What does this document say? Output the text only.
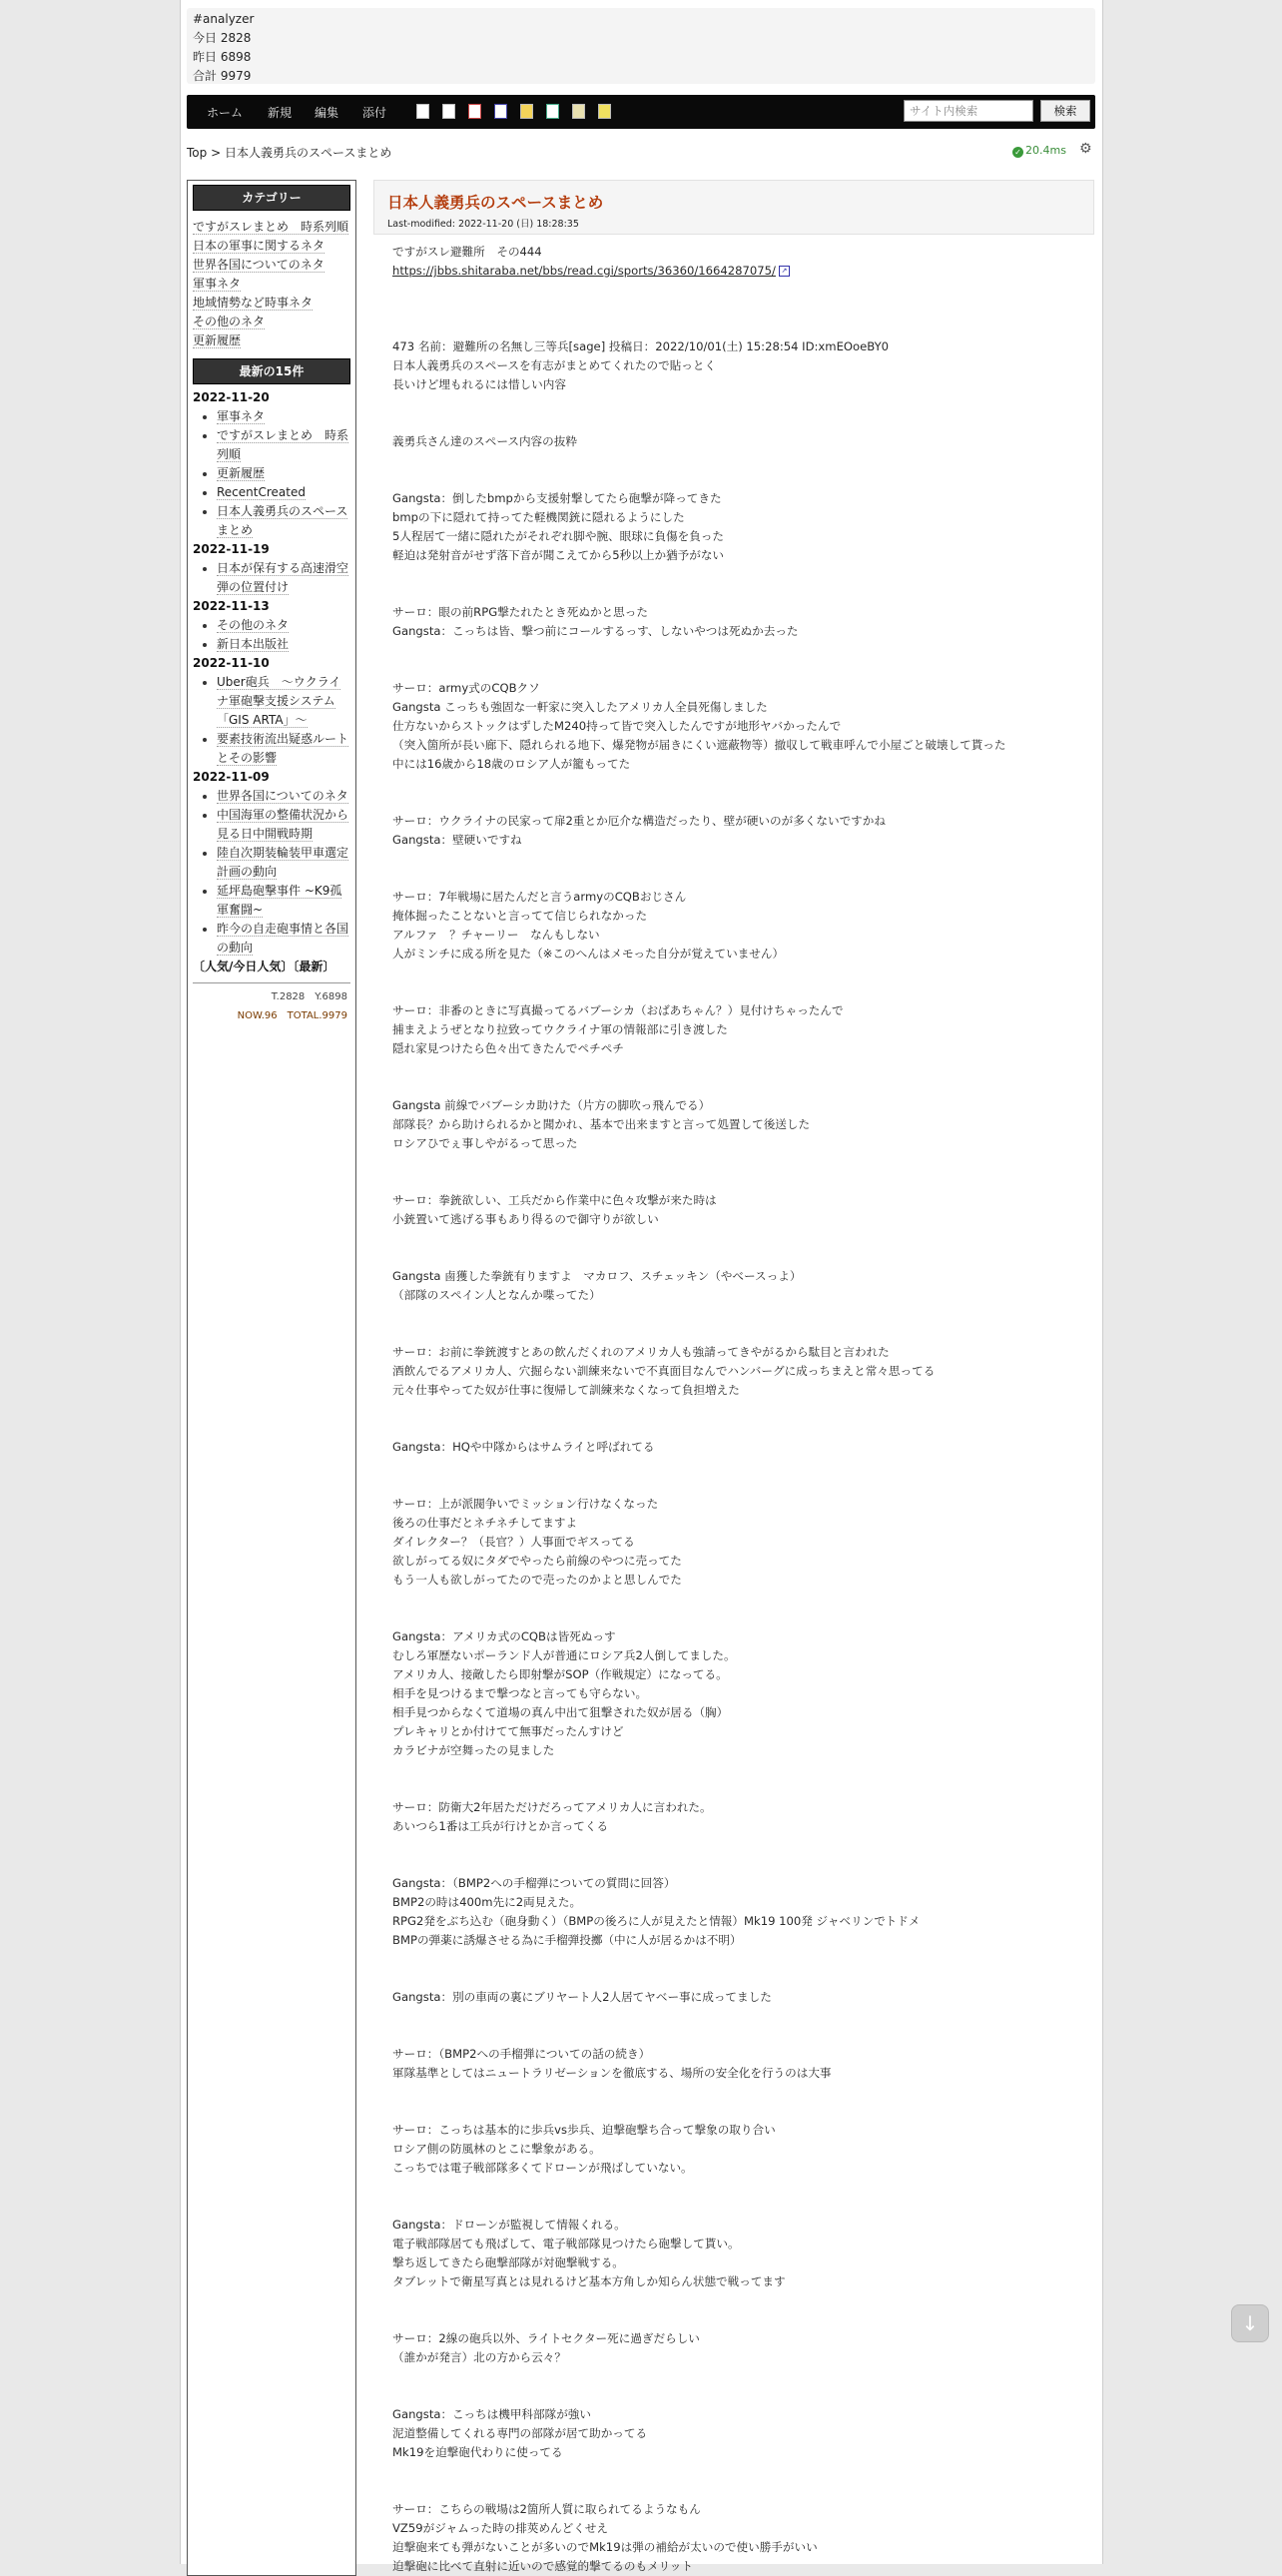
#analyzer
今日 2828
昨日 6898
合計 9979
ホーム 新規 編集 添付
サイト内検索	検索
Top > 日本人義勇兵のスペースまとめ	✓ 20.4ms ⚙
カテゴリー
ですがスレまとめ　時系列順
日本の軍事に関するネタ
世界各国についてのネタ
軍事ネタ
地域情勢など時事ネタ
その他のネタ
更新履歴
最新の15件
2022-11-20
• 軍事ネタ
• ですがスレまとめ　時系列順
• 更新履歴
• RecentCreated
• 日本人義勇兵のスペースまとめ
2022-11-19
• 日本が保有する高速滑空弾の位置付け
2022-11-13
• その他のネタ
• 新日本出版社
2022-11-10
• Uber砲兵　～ウクライナ軍砲撃支援システム「GIS ARTA」～
• 要素技術流出疑惑ルートとその影響
2022-11-09
• 世界各国についてのネタ
• 中国海軍の整備状況から見る日中開戦時期
• 陸自次期装輪装甲車選定計画の動向
• 延坪島砲撃事件 ~K9孤軍奮闘~
• 昨今の自走砲事情と各国の動向
〔人気/今日人気〕〔最新〕
T.2828　Y.6898
NOW.96　TOTAL.9979
日本人義勇兵のスペースまとめ
Last-modified: 2022-11-20 (日) 18:28:35
ですがスレ避難所　その444
https://jbbs.shitaraba.net/bbs/read.cgi/sports/36360/1664287075/ ↗
473 名前：避難所の名無し三等兵[sage] 投稿日：2022/10/01(土) 15:28:54 ID:xmEOoeBY0
日本人義勇兵のスペースを有志がまとめてくれたので貼っとく
長いけど埋もれるには惜しい内容
義勇兵さん達のスペース内容の抜粋
Gangsta：倒したbmpから支援射撃してたら砲撃が降ってきた
bmpの下に隠れて持ってた軽機関銃に隠れるようにした
5人程居て一緒に隠れたがそれぞれ脚や腕、眼球に負傷を負った
軽迫は発射音がせず落下音が聞こえてから5秒以上か猶予がない
サーロ：眼の前RPG撃たれたとき死ぬかと思った
Gangsta：こっちは皆、撃つ前にコールするっす、しないやつは死ぬか去った
サーロ：army式のCQBクソ
Gangsta こっちも強固な一軒家に突入したアメリカ人全員死傷しました
仕方ないからストックはずしたM240持って皆で突入したんですが地形ヤバかったんで
（突入箇所が長い廊下、隠れられる地下、爆発物が届きにくい遮蔽物等）撤収して戦車呼んで小屋ごと破壊して貰った
中には16歳から18歳のロシア人が籠もってた
サーロ：ウクライナの民家って扉2重とか厄介な構造だったり、壁が硬いのが多くないですかね
Gangsta：壁硬いですね
サーロ：7年戦場に居たんだと言うarmyのCQBおじさん
掩体掘ったことないと言ってて信じられなかった
アルファ　？チャーリー　なんもしない
人がミンチに成る所を見た（※このへんはメモった自分が覚えていません）
サーロ：非番のときに写真撮ってるバブーシカ（おばあちゃん？）見付けちゃったんで
捕まえようぜとなり拉致ってウクライナ軍の情報部に引き渡した
隠れ家見つけたら色々出てきたんでペチペチ
Gangsta 前線でバブーシカ助けた（片方の脚吹っ飛んでる）
部隊長？から助けられるかと聞かれ、基本で出来ますと言って処置して後送した
ロシアひでぇ事しやがるって思った
サーロ：拳銃欲しい、工兵だから作業中に色々攻撃が来た時は
小銃置いて逃げる事もあり得るので御守りが欲しい
Gangsta 鹵獲した拳銃有りますよ　マカロフ、スチェッキン（やべースっよ）
（部隊のスペイン人となんか喋ってた）
サーロ：お前に拳銃渡すとあの飲んだくれのアメリカ人も強請ってきやがるから駄目と言われた
酒飲んでるアメリカ人、穴掘らない訓練来ないで不真面目なんでハンバーグに成っちまえと常々思ってる
元々仕事やってた奴が仕事に復帰して訓練来なくなって負担増えた
Gangsta：HQや中隊からはサムライと呼ばれてる
サーロ：上が派閥争いでミッション行けなくなった
後ろの仕事だとネチネチしてますよ
ダイレクター？（長官？）人事面でギスってる
欲しがってる奴にタダでやったら前線のやつに売ってた
もう一人も欲しがってたので売ったのかよと思しんでた
Gangsta：アメリカ式のCQBは皆死ぬっす
むしろ軍歴ないポーランド人が普通にロシア兵2人倒してました。
アメリカ人、接敵したら即射撃がSOP（作戦規定）になってる。
相手を見つけるまで撃つなと言っても守らない。
相手見つからなくて道場の真ん中出て狙撃された奴が居る（胸）
プレキャリとか付けてて無事だったんすけど
カラビナが空舞ったの見ました
サーロ：防衛大2年居ただけだろってアメリカ人に言われた。
あいつら1番は工兵が行けとか言ってくる
Gangsta：（BMP2への手榴弾についての質問に回答）
BMP2の時は400m先に2両見えた。
RPG2発をぶち込む（砲身動く）（BMPの後ろに人が見えたと情報）Mk19 100発 ジャベリンでトドメ
BMPの弾薬に誘爆させる為に手榴弾投擲（中に人が居るかは不明）
Gangsta：別の車両の裏にブリヤート人2人居てヤベー事に成ってました
サーロ：（BMP2への手榴弾についての話の続き）
軍隊基準としてはニュートラリゼーションを徹底する、場所の安全化を行うのは大事
サーロ：こっちは基本的に歩兵vs歩兵、迫撃砲撃ち合って撃象の取り合い
ロシア側の防風林のとこに撃象がある。
こっちでは電子戦部隊多くてドローンが飛ばしていない。
Gangsta：ドローンが監視して情報くれる。
電子戦部隊居ても飛ばして、電子戦部隊見つけたら砲撃して貰い。
撃ち返してきたら砲撃部隊が対砲撃戦する。
タブレットで衛星写真とは見れるけど基本方角しか知らん状態で戦ってます
サーロ：2線の砲兵以外、ライトセクター死に過ぎだらしい
（誰かが発言）北の方から云々？
Gangsta：こっちは機甲科部隊が強い
泥道整備してくれる専門の部隊が居て助かってる
Mk19を迫撃砲代わりに使ってる
サーロ：こちらの戦場は2箇所人質に取られてるようなもん
VZ59がジャムった時の排莢めんどくせえ
迫撃砲来ても弾がないことが多いのでMk19は弾の補給が太いので使い勝手がいい
迫撃砲に比べて直射に近いので感覚的撃てるのもメリット
↓
